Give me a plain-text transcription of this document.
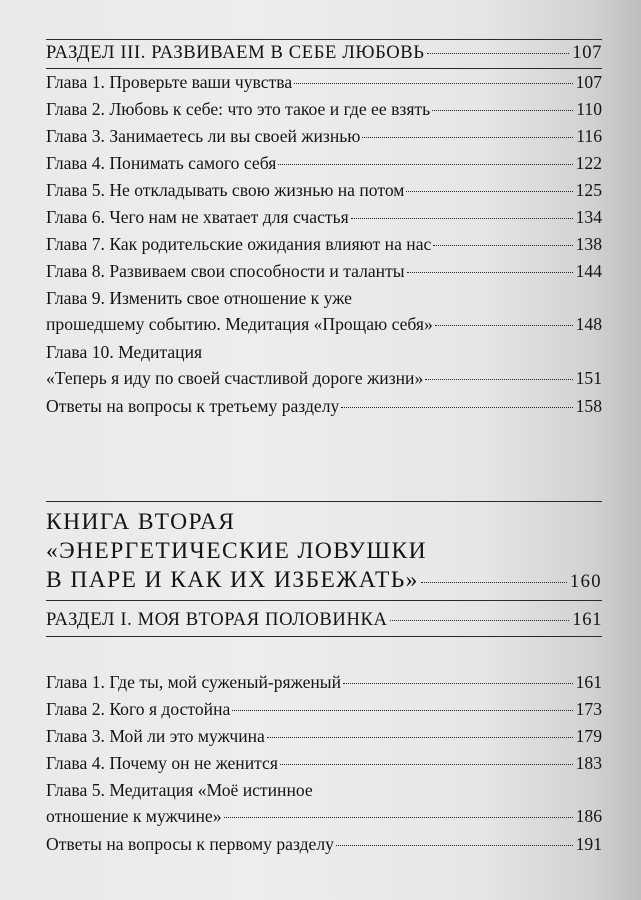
РАЗДЕЛ III. РАЗВИВАЕМ В СЕБЕ ЛЮБОВЬ	107
Глава 1. Проверьте ваши чувства	107
Глава 2. Любовь к себе: что это такое и где ее взять	110
Глава 3. Занимаетесь ли вы своей жизнью	116
Глава 4. Понимать самого себя	122
Глава 5. Не откладывать свою жизнью на потом	125
Глава 6. Чего нам не хватает для счастья	134
Глава 7. Как родительские ожидания влияют на нас	138
Глава 8. Развиваем свои способности и таланты	144
Глава 9. Изменить свое отношение к уже
прошедшему событию. Медитация «Прощаю себя»	148
Глава 10. Медитация
«Теперь я иду по своей счастливой дороге жизни»	151
Ответы на вопросы к третьему разделу	158
КНИГА ВТОРАЯ
«ЭНЕРГЕТИЧЕСКИЕ ЛОВУШКИ
В ПАРЕ И КАК ИХ ИЗБЕЖАТЬ»	160
РАЗДЕЛ I. МОЯ ВТОРАЯ ПОЛОВИНКА	161
Глава 1. Где ты, мой суженый-ряженый	161
Глава 2. Кого я достойна	173
Глава 3. Мой ли это мужчина	179
Глава 4. Почему он не женится	183
Глава 5. Медитация «Моё истинное
отношение к мужчине»	186
Ответы на вопросы к первому разделу	191
